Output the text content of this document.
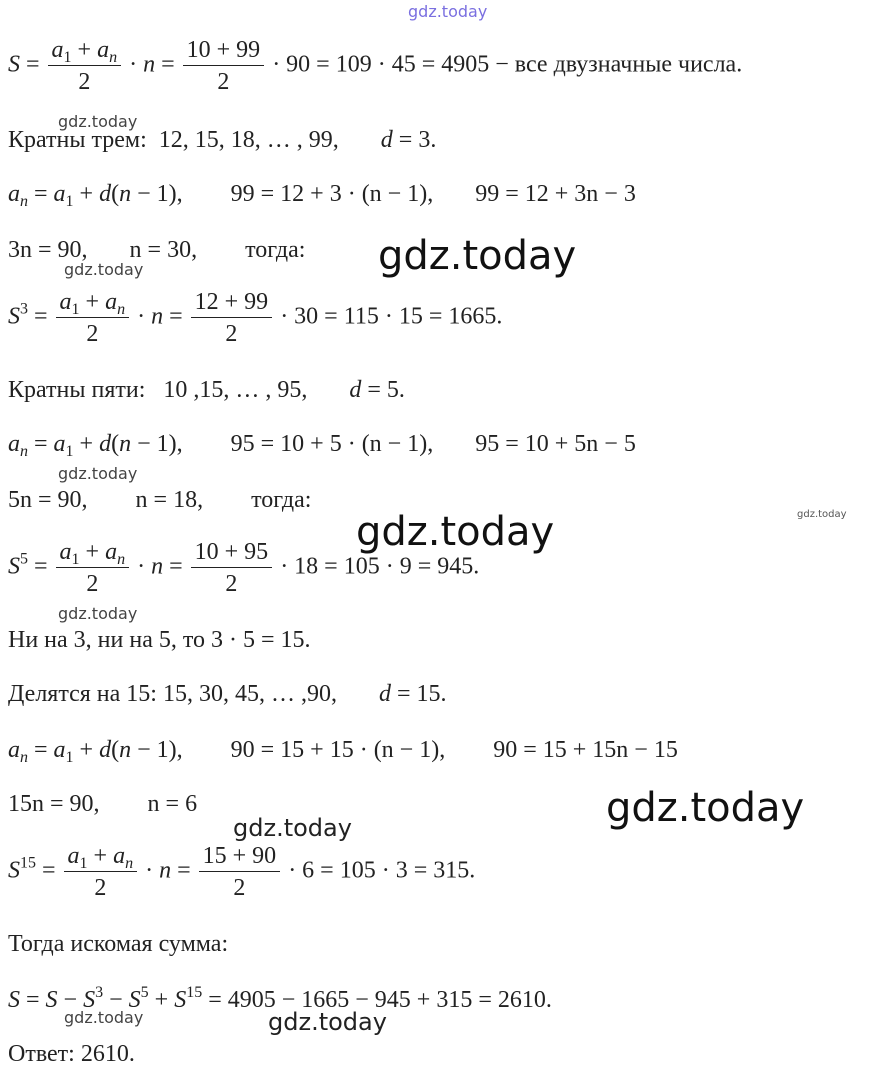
gdz.today
gdz.today
gdz.today
gdz.today
gdz.today
gdz.today
gdz.today
gdz.today
gdz.today
gdz.today
gdz.today	gdz.today
$S = \frac{a_1 + a_n}{2} \cdot n = \frac{10 + 99}{2} \cdot 90 = 109 \cdot 45 = 4905$ − все двузначные числа.
Кратны трем: 12, 15, 18, … , 99, d = 3.
$a_n = a_1 + d(n - 1)$,        99 = 12 + 3 · (n − 1), 99 = 12 + 3n − 3
3n = 90, n = 30, тогда:
$S^3 = \frac{a_1 + a_n}{2} \cdot n = \frac{12 + 99}{2} \cdot 30 = 115 \cdot 15 = 1665$.
Кратны пяти: 10 ,15, … , 95, d = 5.
$a_n = a_1 + d(n - 1)$,        95 = 10 + 5 · (n − 1), 95 = 10 + 5n − 5
5n = 90, n = 18, тогда:
$S^5 = \frac{a_1 + a_n}{2} \cdot n = \frac{10 + 95}{2} \cdot 18 = 105 \cdot 9 = 945$.
Ни на 3, ни на 5, то 3 · 5 = 15.
Делятся на 15: 15, 30, 45, … ,90, d = 15.
$a_n = a_1 + d(n - 1)$,        90 = 15 + 15 · (n − 1), 90 = 15 + 15n − 15
15n = 90, n = 6
$S^{15} = \frac{a_1 + a_n}{2} \cdot n = \frac{15 + 90}{2} \cdot 6 = 105 \cdot 3 = 315$.
Тогда искомая сумма:
$S = S - S^3 - S^5 + S^{15} = 4905 - 1665 - 945 + 315 = 2610$.
Ответ: 2610.
